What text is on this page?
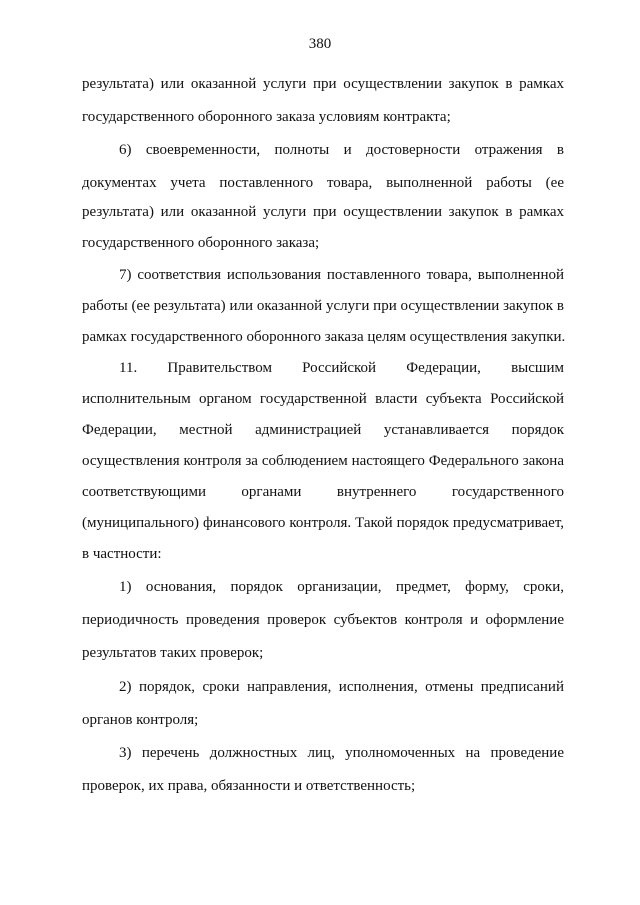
380
результата) или оказанной услуги при осуществлении закупок в рамках
государственного оборонного заказа условиям контракта;
6) своевременности, полноты и достоверности отражения в
документах учета поставленного товара, выполненной работы (ее
результата) или оказанной услуги при осуществлении закупок в рамках
государственного оборонного заказа;
7) соответствия использования поставленного товара, выполненной
работы (ее результата) или оказанной услуги при осуществлении закупок в
рамках государственного оборонного заказа целям осуществления закупки.
11. Правительством Российской Федерации, высшим
исполнительным органом государственной власти субъекта Российской
Федерации, местной администрацией устанавливается порядок
осуществления контроля за соблюдением настоящего Федерального закона
соответствующими органами внутреннего государственного
(муниципального) финансового контроля. Такой порядок предусматривает,
в частности:
1) основания, порядок организации, предмет, форму, сроки,
периодичность проведения проверок субъектов контроля и оформление
результатов таких проверок;
2) порядок, сроки направления, исполнения, отмены предписаний
органов контроля;
3) перечень должностных лиц, уполномоченных на проведение
проверок, их права, обязанности и ответственность;
